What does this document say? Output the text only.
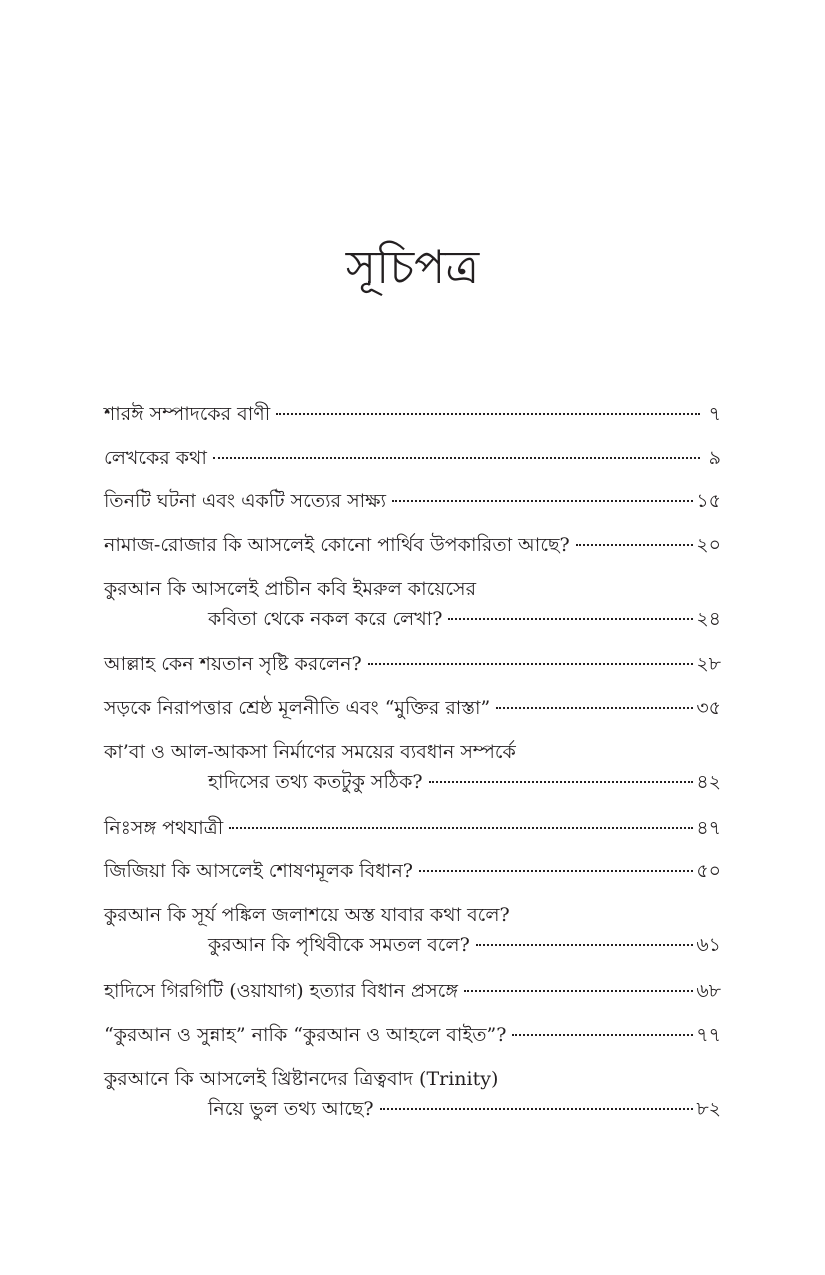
সূচিপত্র
শারঈ সম্পাদকের বাণী	৭
লেখকের কথা	৯
তিনটি ঘটনা এবং একটি সত্যের সাক্ষ্য	১৫
নামাজ-রোজার কি আসলেই কোনো পার্থিব উপকারিতা আছে?	২০
কুরআন কি আসলেই প্রাচীন কবি ইমরুল কায়েসের
কবিতা থেকে নকল করে লেখা?	২৪
আল্লাহ কেন শয়তান সৃষ্টি করলেন?	২৮
সড়কে নিরাপত্তার শ্রেষ্ঠ মূলনীতি এবং “মুক্তির রাস্তা”	৩৫
কা’বা ও আল-আকসা নির্মাণের সময়ের ব্যবধান সম্পর্কে
হাদিসের তথ্য কতটুকু সঠিক?	৪২
নিঃসঙ্গ পথযাত্রী	৪৭
জিজিয়া কি আসলেই শোষণমূলক বিধান?	৫০
কুরআন কি সূর্য পঙ্কিল জলাশয়ে অস্ত যাবার কথা বলে?
কুরআন কি পৃথিবীকে সমতল বলে?	৬১
হাদিসে গিরগিটি (ওয়াযাগ) হত্যার বিধান প্রসঙ্গে	৬৮
“কুরআন ও সুন্নাহ” নাকি “কুরআন ও আহলে বাইত”?	৭৭
কুরআনে কি আসলেই খ্রিষ্টানদের ত্রিত্ববাদ (Trinity)
নিয়ে ভুল তথ্য আছে?	৮২
